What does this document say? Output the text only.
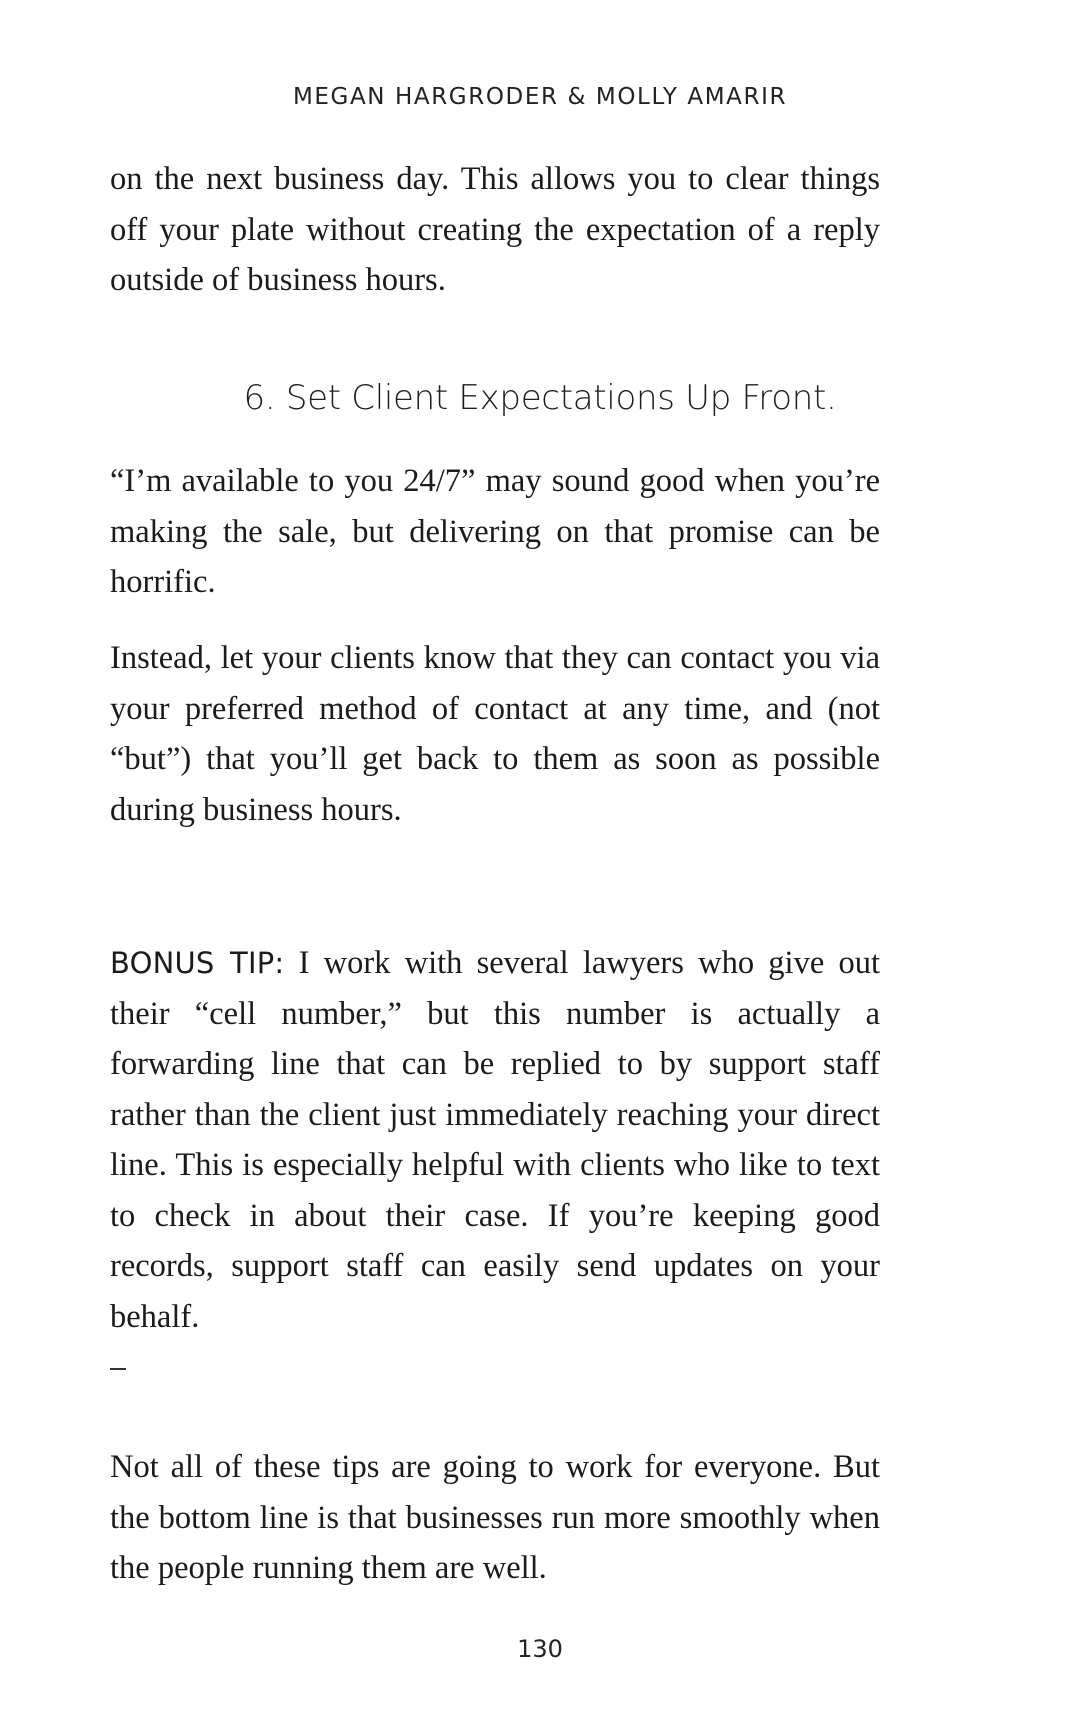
MEGAN HARGRODER & MOLLY AMARIR

on the next business day. This allows you to clear things off your plate without creating the expectation of a reply outside of business hours.

6. Set Client Expectations Up Front.

“I’m available to you 24/7” may sound good when you’re making the sale, but delivering on that promise can be horrific.

Instead, let your clients know that they can contact you via your preferred method of contact at any time, and (not “but”) that you’ll get back to them as soon as possible during business hours.

BONUS TIP: I work with several lawyers who give out their “cell number,” but this number is actually a forwarding line that can be replied to by support staff rather than the client just immediately reaching your direct line. This is especially helpful with clients who like to text to check in about their case. If you’re keeping good records, support staff can easily send updates on your behalf.

Not all of these tips are going to work for everyone. But the bottom line is that businesses run more smoothly when the people running them are well.

130
